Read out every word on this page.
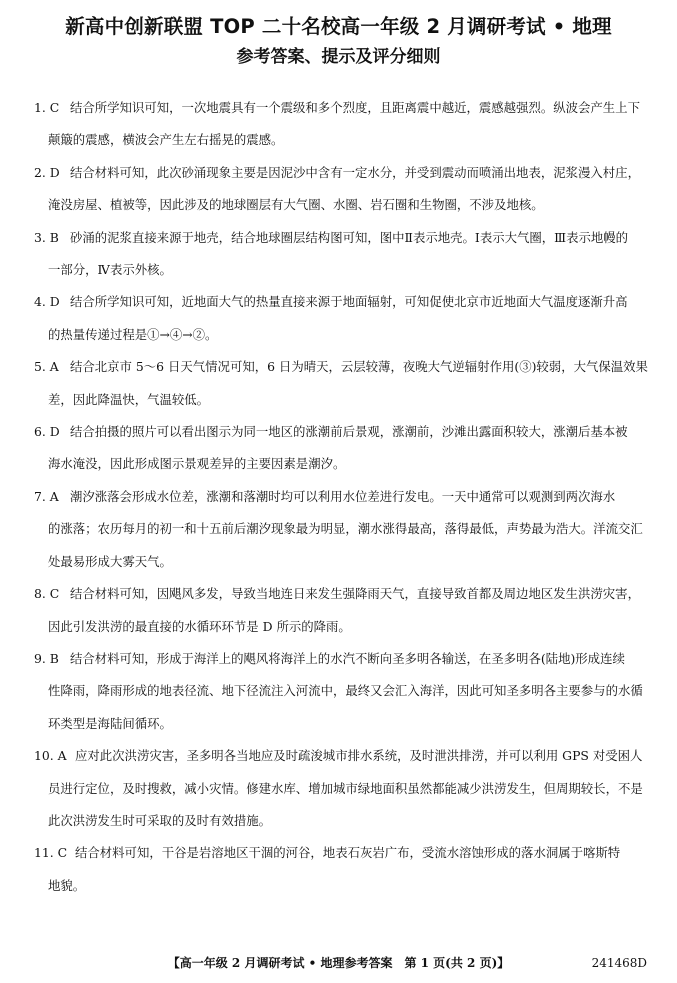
新高中创新联盟 TOP 二十名校高一年级 2 月调研考试 • 地理
参考答案、提示及评分细则
1. C 结合所学知识可知，一次地震具有一个震级和多个烈度，且距离震中越近，震感越强烈。纵波会产生上下
颠簸的震感，横波会产生左右摇晃的震感。
2. D 结合材料可知，此次砂涌现象主要是因泥沙中含有一定水分，并受到震动而喷涌出地表，泥浆漫入村庄，
淹没房屋、植被等，因此涉及的地球圈层有大气圈、水圈、岩石圈和生物圈，不涉及地核。
3. B 砂涌的泥浆直接来源于地壳，结合地球圈层结构图可知，图中Ⅱ表示地壳。Ⅰ表示大气圈，Ⅲ表示地幔的
一部分，Ⅳ表示外核。
4. D 结合所学知识可知，近地面大气的热量直接来源于地面辐射，可知促使北京市近地面大气温度逐渐升高
的热量传递过程是①→④→②。
5. A 结合北京市 5～6 日天气情况可知，6 日为晴天，云层较薄，夜晚大气逆辐射作用(③)较弱，大气保温效果
差，因此降温快，气温较低。
6. D 结合拍摄的照片可以看出图示为同一地区的涨潮前后景观，涨潮前，沙滩出露面积较大，涨潮后基本被
海水淹没，因此形成图示景观差异的主要因素是潮汐。
7. A 潮汐涨落会形成水位差，涨潮和落潮时均可以利用水位差进行发电。一天中通常可以观测到两次海水
的涨落；农历每月的初一和十五前后潮汐现象最为明显，潮水涨得最高，落得最低，声势最为浩大。洋流交汇
处最易形成大雾天气。
8. C 结合材料可知，因飓风多发，导致当地连日来发生强降雨天气，直接导致首都及周边地区发生洪涝灾害，
因此引发洪涝的最直接的水循环环节是 D 所示的降雨。
9. B 结合材料可知，形成于海洋上的飓风将海洋上的水汽不断向圣多明各输送，在圣多明各(陆地)形成连续
性降雨，降雨形成的地表径流、地下径流注入河流中，最终又会汇入海洋，因此可知圣多明各主要参与的水循
环类型是海陆间循环。
10. A 应对此次洪涝灾害，圣多明各当地应及时疏浚城市排水系统，及时泄洪排涝，并可以利用 GPS 对受困人
员进行定位，及时搜救，减小灾情。修建水库、增加城市绿地面积虽然都能减少洪涝发生，但周期较长，不是
此次洪涝发生时可采取的及时有效措施。
11. C 结合材料可知，干谷是岩溶地区干涸的河谷，地表石灰岩广布，受流水溶蚀形成的落水洞属于喀斯特
地貌。
【高一年级 2 月调研考试 • 地理参考答案　第 1 页(共 2 页)】	241468D
